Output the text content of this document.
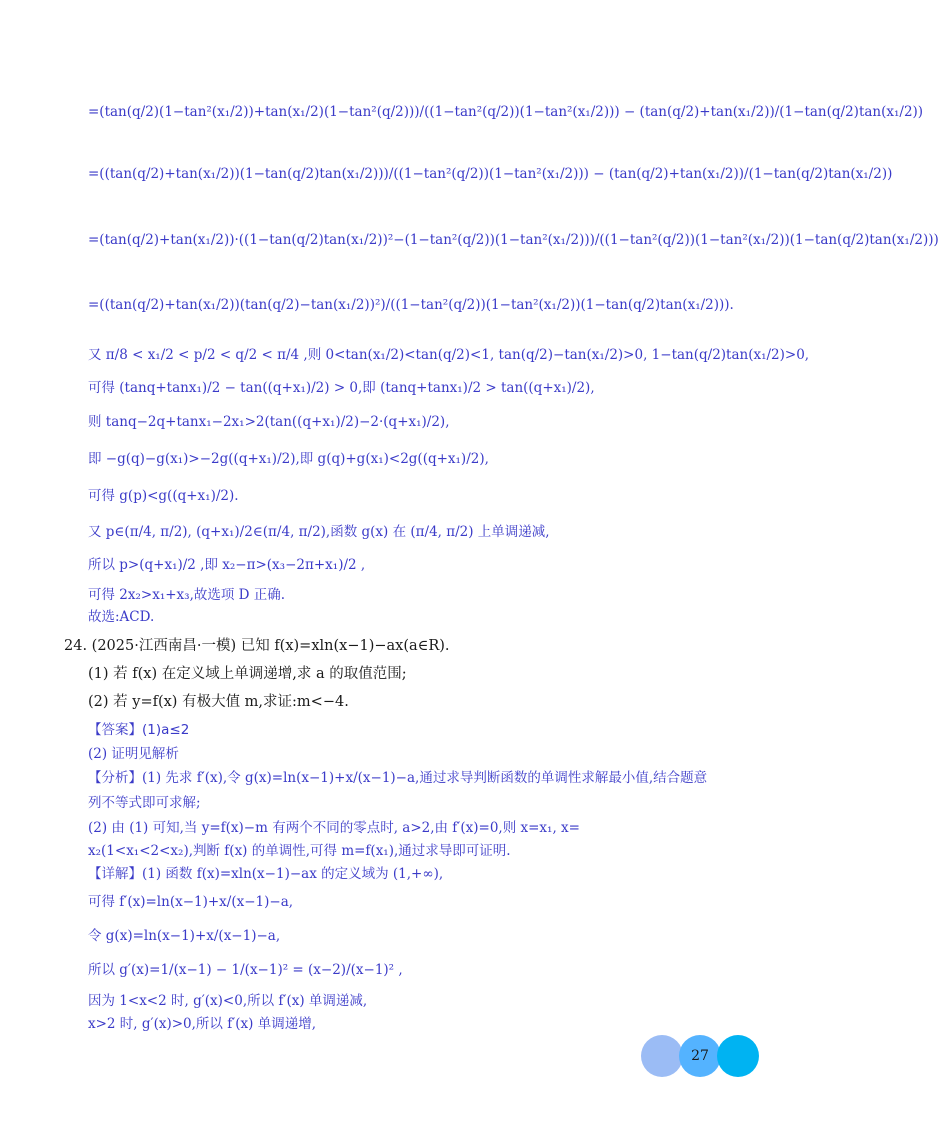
=(tan(q/2)(1−tan²(x₁/2))+tan(x₁/2)(1−tan²(q/2)))/((1−tan²(q/2))(1−tan²(x₁/2))) − (tan(q/2)+tan(x₁/2))/(1−tan(q/2)tan(x₁/2))
=((tan(q/2)+tan(x₁/2))(1−tan(q/2)tan(x₁/2)))/((1−tan²(q/2))(1−tan²(x₁/2))) − (tan(q/2)+tan(x₁/2))/(1−tan(q/2)tan(x₁/2))
=(tan(q/2)+tan(x₁/2))·((1−tan(q/2)tan(x₁/2))²−(1−tan²(q/2))(1−tan²(x₁/2)))/((1−tan²(q/2))(1−tan²(x₁/2))(1−tan(q/2)tan(x₁/2)))
=((tan(q/2)+tan(x₁/2))(tan(q/2)−tan(x₁/2))²)/((1−tan²(q/2))(1−tan²(x₁/2))(1−tan(q/2)tan(x₁/2))).
又 π/8 < x₁/2 < p/2 < q/2 < π/4 ,则 0<tan(x₁/2)<tan(q/2)<1, tan(q/2)−tan(x₁/2)>0, 1−tan(q/2)tan(x₁/2)>0,
可得 (tanq+tanx₁)/2 − tan((q+x₁)/2) > 0,即 (tanq+tanx₁)/2 > tan((q+x₁)/2),
则 tanq−2q+tanx₁−2x₁>2(tan((q+x₁)/2)−2·(q+x₁)/2),
即 −g(q)−g(x₁)>−2g((q+x₁)/2),即 g(q)+g(x₁)<2g((q+x₁)/2),
可得 g(p)<g((q+x₁)/2).
又 p∈(π/4, π/2), (q+x₁)/2∈(π/4, π/2),函数 g(x) 在 (π/4, π/2) 上单调递减,
所以 p>(q+x₁)/2 ,即 x₂−π>(x₃−2π+x₁)/2 ,
可得 2x₂>x₁+x₃,故选项 D 正确.
故选:ACD.
24. (2025·江西南昌·一模) 已知 f(x)=xln(x−1)−ax(a∈R).
(1) 若 f(x) 在定义域上单调递增,求 a 的取值范围;
(2) 若 y=f(x) 有极大值 m,求证:m<−4.
【答案】(1)a≤2
(2) 证明见解析
【分析】(1) 先求 f′(x),令 g(x)=ln(x−1)+x/(x−1)−a,通过求导判断函数的单调性求解最小值,结合题意
列不等式即可求解;
(2) 由 (1) 可知,当 y=f(x)−m 有两个不同的零点时, a>2,由 f′(x)=0,则 x=x₁, x=
x₂(1<x₁<2<x₂),判断 f(x) 的单调性,可得 m=f(x₁),通过求导即可证明.
【详解】(1) 函数 f(x)=xln(x−1)−ax 的定义域为 (1,+∞),
可得 f′(x)=ln(x−1)+x/(x−1)−a,
令 g(x)=ln(x−1)+x/(x−1)−a,
所以 g′(x)=1/(x−1) − 1/(x−1)² = (x−2)/(x−1)² ,
因为 1<x<2 时, g′(x)<0,所以 f′(x) 单调递减,
x>2 时, g′(x)>0,所以 f′(x) 单调递增,
27
